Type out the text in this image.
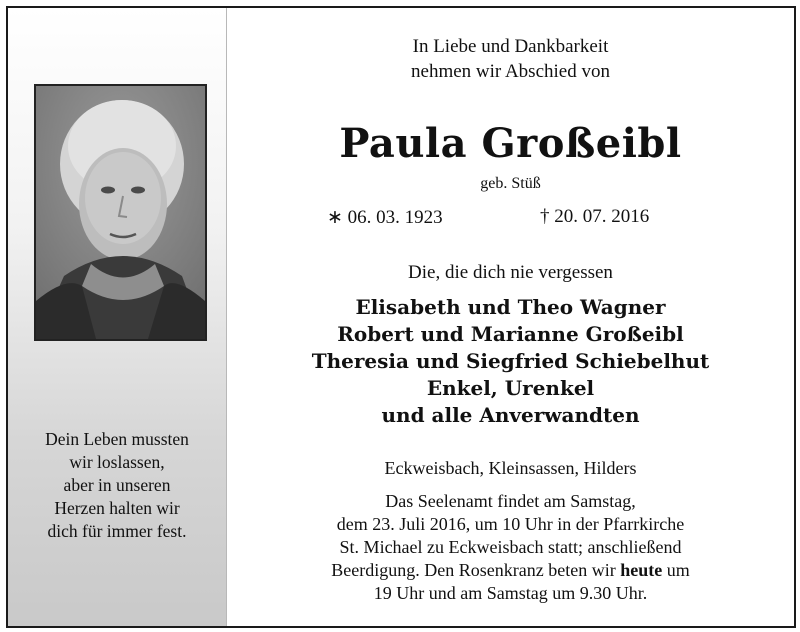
Dein Leben mussten
wir loslassen,
aber in unseren
Herzen halten wir
dich für immer fest.
In Liebe und Dankbarkeit
nehmen wir Abschied von
Paula Großeibl
geb. Stüß
∗ 06. 03. 1923	† 20. 07. 2016
Die, die dich nie vergessen
Elisabeth und Theo Wagner
Robert und Marianne Großeibl
Theresia und Siegfried Schiebelhut
Enkel, Urenkel
und alle Anverwandten
Eckweisbach, Kleinsassen, Hilders
Das Seelenamt findet am Samstag,
dem 23. Juli 2016, um 10 Uhr in der Pfarrkirche
St. Michael zu Eckweisbach statt; anschließend
Beerdigung. Den Rosenkranz beten wir heute um
19 Uhr und am Samstag um 9.30 Uhr.
